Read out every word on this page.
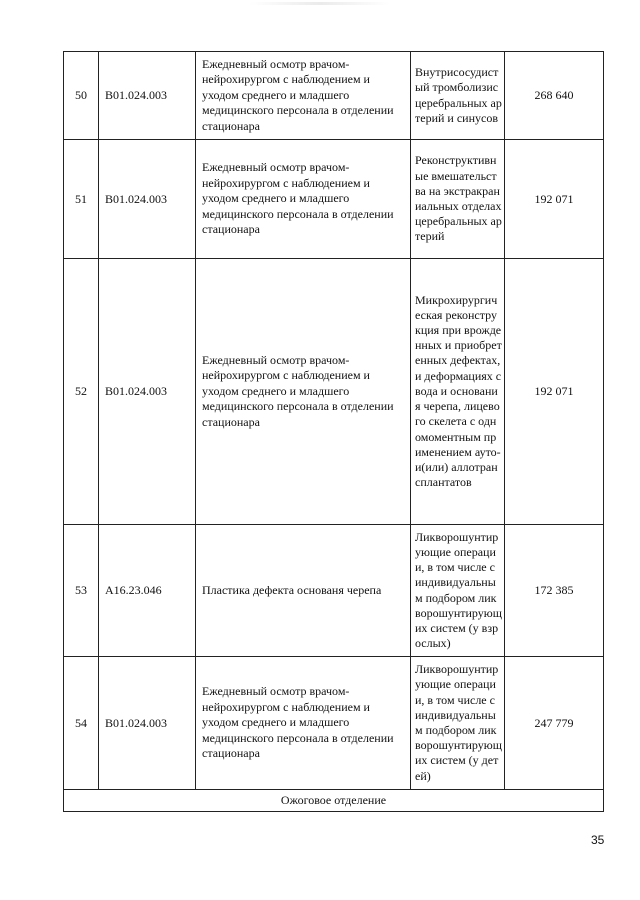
50	B01.024.003	Ежедневный осмотр врачом-нейрохирургом с наблюдением и уходом среднего и младшего медицинского персонала в отделении стационара	Внутрисосудистый тромболизис церебральных артерий и синусов	268 640
51	B01.024.003	Ежедневный осмотр врачом-нейрохирургом с наблюдением и уходом среднего и младшего медицинского персонала в отделении стационара	Реконструктивные вмешательства на экстракраниальных отделах церебральных артерий	192 071
52	B01.024.003	Ежедневный осмотр врачом-нейрохирургом с наблюдением и уходом среднего и младшего медицинского персонала в отделении стационара	Микрохирургическая реконструкция при врожденных и приобретенных дефектах, и деформациях свода и основания черепа, лицевого скелета с одномоментным применением ауто-и(или) аллотрансплантатов	192 071
53	A16.23.046	Пластика дефекта основаня черепа	Ликворошунтирующие операции, в том числе с индивидуальным подбором ликворошунтирующих систем (у взрослых)	172 385
54	B01.024.003	Ежедневный осмотр врачом-нейрохирургом с наблюдением и уходом среднего и младшего медицинского персонала в отделении стационара	Ликворошунтирующие операции, в том числе с индивидуальным подбором ликворошунтирующих систем (у детей)	247 779
Ожоговое отделение				
35
